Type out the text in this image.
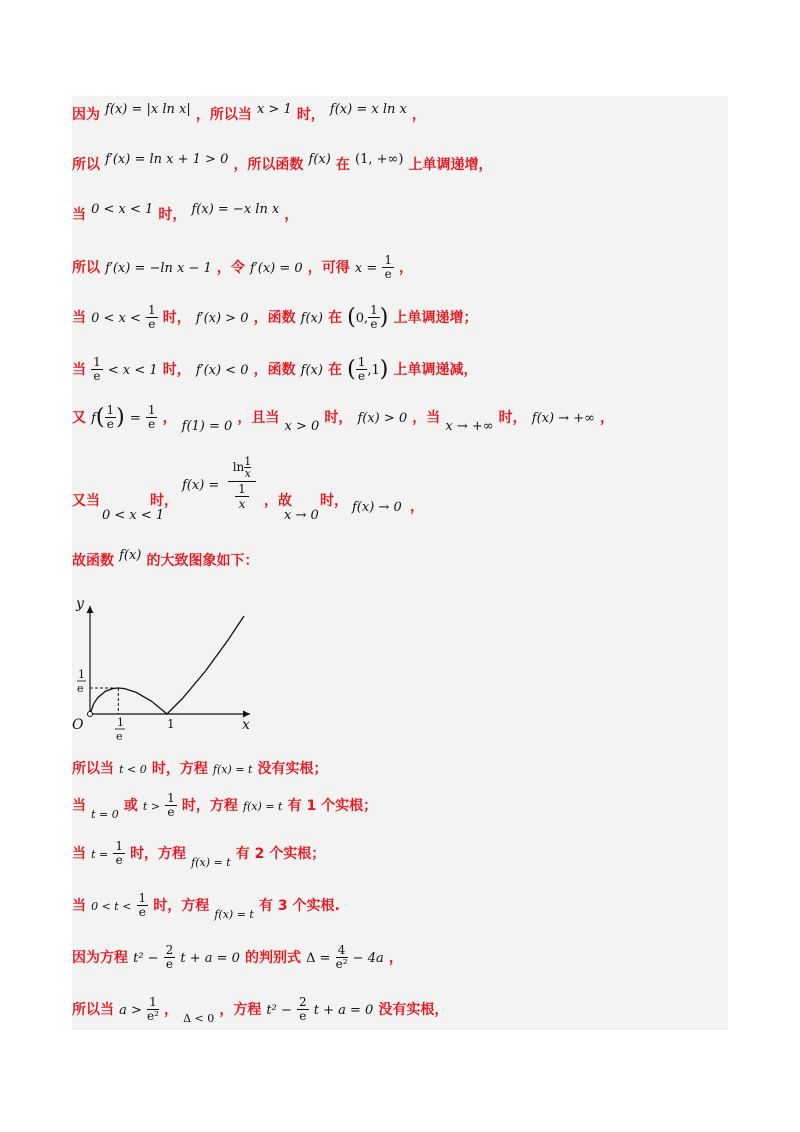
因为 f(x) = |x ln x| ，所以当 x > 1 时， f(x) = x ln x ，
所以 f′(x) = ln x + 1 > 0 ，所以函数 f(x) 在 (1, +∞) 上单调递增，
当 0 < x < 1 时， f(x) = −x ln x ，
所以 f′(x) = −ln x − 1 ，令 f′(x) = 0 ，可得 $x = \frac{1}{e}$ ，
当 $0 < x < \frac{1}{e}$ 时， f′(x) > 0 ，函数 f(x) 在 (0, $\frac{1}{e}$ ) 上单调递增；
当 $\frac{1}{e} < x < 1$ 时， f′(x) < 0 ，函数 f(x) 在 ( $\frac{1}{e} ,1$) 上单调递减，
又 $f( \frac{1}{e}$ ) = $\frac{1}{e}$ ， f(1) = 0 ，且当 x > 0 时， f(x) > 0 ，当 x → +∞ 时， f(x) → +∞ ，
又当
0 < x < 1
时，
f(x) =
$\ln \frac{1}{x}$
1
x ，故
x → 0
时， f(x) → 0 ，
故函数 f(x) 的大致图象如下：
y
x
O
1
e
1
e
1
所以当 t < 0 时，方程 f(x) = t 没有实根；
当 t = 0 或 $t > \frac{1}{e}$ 时，方程 f(x) = t 有 1 个实根；
当 $t = \frac{1}{e}$ 时，方程 f(x) = t 有 2 个实根；
当 $0 < t < \frac{1}{e}$ 时，方程 f(x) = t 有 3 个实根.
因为方程 $t^2 - \frac{2}{e}$ t + a = 0 的判别式 $\Delta = \frac{4}{\text{e²}} - 4a$ ，
所以当 $a > \frac{1}{\text{e²}}$ ， Δ < 0 ，方程 $t^2 - \frac{2}{e}$ t + a = 0 没有实根，
